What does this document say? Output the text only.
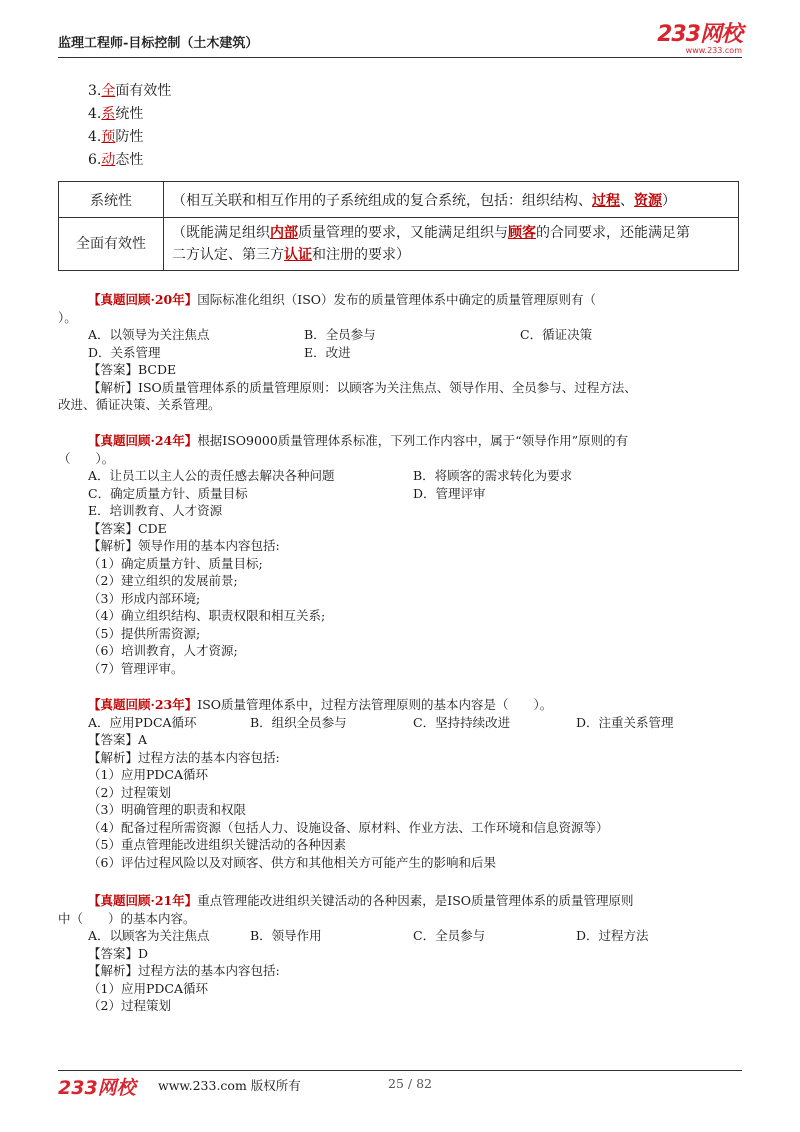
监理工程师-目标控制（土木建筑）	233网校
www.233.com
3.全面有效性
4.系统性
4.预防性
6.动态性
系统性	（相互关联和相互作用的子系统组成的复合系统，包括：组织结构、过程、资源）
全面有效性	（既能满足组织内部质量管理的要求，又能满足组织与顾客的合同要求，还能满足第
二方认定、第三方认证和注册的要求）
【真题回顾·20年】国际标准化组织（ISO）发布的质量管理体系中确定的质量管理原则有（
）。
A．以领导为关注焦点	B．全员参与	C．循证决策
D．关系管理	E．改进
【答案】BCDE
【解析】ISO质量管理体系的质量管理原则：以顾客为关注焦点、领导作用、全员参与、过程方法、
改进、循证决策、关系管理。
【真题回顾·24年】根据ISO9000质量管理体系标准，下列工作内容中，属于“领导作用”原则的有
（　　）。
A．让员工以主人公的责任感去解决各种问题	B．将顾客的需求转化为要求
C．确定质量方针、质量目标	D．管理评审
E．培训教育、人才资源
【答案】CDE
【解析】领导作用的基本内容包括:
（1）确定质量方针、质量目标;
（2）建立组织的发展前景;
（3）形成内部环境;
（4）确立组织结构、职责权限和相互关系;
（5）提供所需资源;
（6）培训教育，人才资源;
（7）管理评审。
【真题回顾·23年】ISO质量管理体系中，过程方法管理原则的基本内容是（　　）。
A．应用PDCA循环	B．组织全员参与	C．坚持持续改进	D．注重关系管理
【答案】A
【解析】过程方法的基本内容包括:
（1）应用PDCA循环
（2）过程策划
（3）明确管理的职责和权限
（4）配备过程所需资源（包括人力、设施设备、原材料、作业方法、工作环境和信息资源等）
（5）重点管理能改进组织关键活动的各种因素
（6）评估过程风险以及对顾客、供方和其他相关方可能产生的影响和后果
【真题回顾·21年】重点管理能改进组织关键活动的各种因素，是ISO质量管理体系的质量管理原则
中（　　）的基本内容。
A．以顾客为关注焦点	B．领导作用	C．全员参与	D．过程方法
【答案】D
【解析】过程方法的基本内容包括:
（1）应用PDCA循环
（2）过程策划
233网校 www.233.com 版权所有	25 / 82
